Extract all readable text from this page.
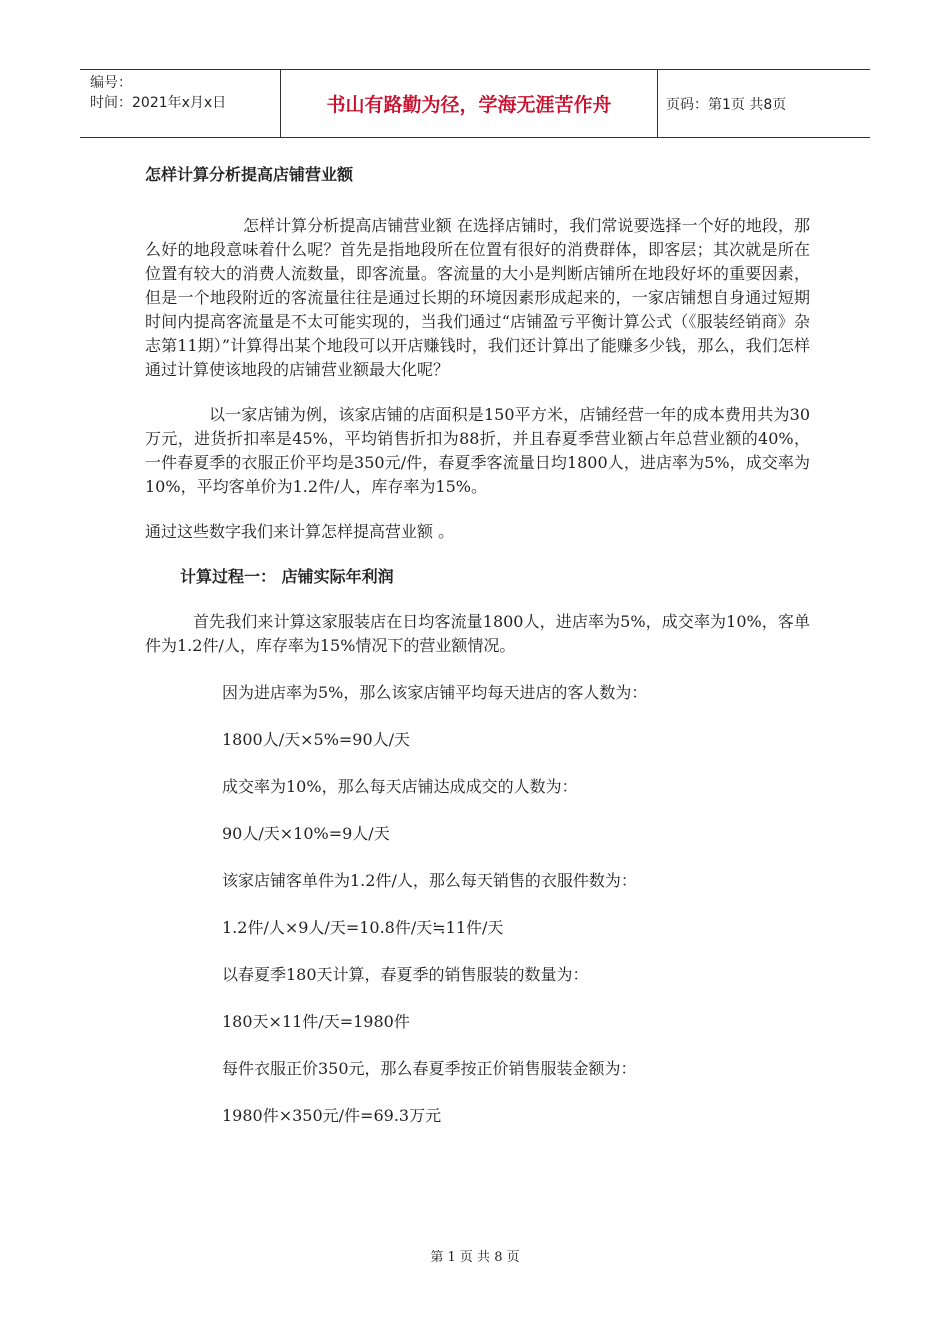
编号：
时间：2021年x月x日	书山有路勤为径，学海无涯苦作舟	页码：第1页 共8页
怎样计算分析提高店铺营业额

怎样计算分析提高店铺营业额 在选择店铺时，我们常说要选择一个好的地段，那么好的地段意味着什么呢？首先是指地段所在位置有很好的消费群体，即客层；其次就是所在位置有较大的消费人流数量，即客流量。客流量的大小是判断店铺所在地段好坏的重要因素，但是一个地段附近的客流量往往是通过长期的环境因素形成起来的，一家店铺想自身通过短期时间内提高客流量是不太可能实现的，当我们通过“店铺盈亏平衡计算公式（《服装经销商》杂志第11期）”计算得出某个地段可以开店赚钱时，我们还计算出了能赚多少钱，那么，我们怎样通过计算使该地段的店铺营业额最大化呢？

以一家店铺为例，该家店铺的店面积是150平方米，店铺经营一年的成本费用共为30万元，进货折扣率是45%，平均销售折扣为88折，并且春夏季营业额占年总营业额的40%，一件春夏季的衣服正价平均是350元/件，春夏季客流量日均1800人，进店率为5%，成交率为10%，平均客单价为1.2件/人，库存率为15%。

通过这些数字我们来计算怎样提高营业额 。

计算过程一： 店铺实际年利润

首先我们来计算这家服装店在日均客流量1800人，进店率为5%，成交率为10%，客单件为1.2件/人，库存率为15%情况下的营业额情况。

因为进店率为5%，那么该家店铺平均每天进店的客人数为：
1800人/天×5%=90人/天
成交率为10%，那么每天店铺达成成交的人数为：
90人/天×10%=9人/天
该家店铺客单件为1.2件/人，那么每天销售的衣服件数为：
1.2件/人×9人/天=10.8件/天≒11件/天
以春夏季180天计算，春夏季的销售服装的数量为：
180天×11件/天=1980件
每件衣服正价350元，那么春夏季按正价销售服装金额为：
1980件×350元/件=69.3万元
第 1 页 共 8 页
